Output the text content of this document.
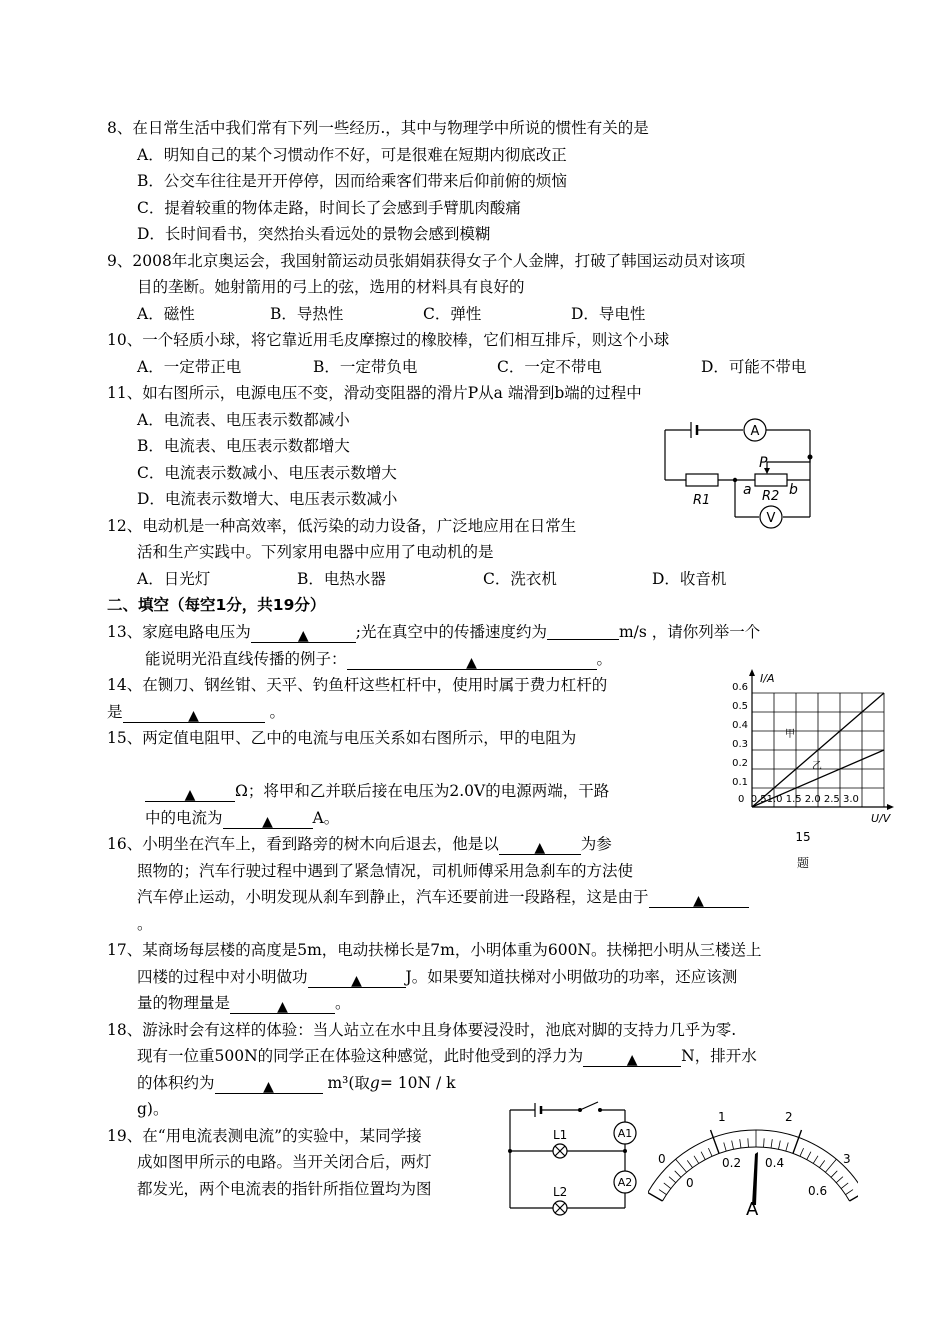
8、在日常生活中我们常有下列一些经历.，其中与物理学中所说的惯性有关的是
A．明知自己的某个习惯动作不好，可是很难在短期内彻底改正
B．公交车往往是开开停停，因而给乘客们带来后仰前俯的烦恼
C．提着较重的物体走路，时间长了会感到手臂肌肉酸痛
D．长时间看书，突然抬头看远处的景物会感到模糊
9、2008年北京奥运会，我国射箭运动员张娟娟获得女子个人金牌，打破了韩国运动员对该项
目的垄断。她射箭用的弓上的弦，选用的材料具有良好的
A．磁性	B．导热性	C．弹性	D．导电性
10、一个轻质小球，将它靠近用毛皮摩擦过的橡胶棒，它们相互排斥，则这个小球
A．一定带正电	B．一定带负电	C．一定不带电	D．可能不带电
11、如右图所示，电源电压不变，滑动变阻器的滑片P从a 端滑到b端的过程中
A．电流表、电压表示数都减小
B．电流表、电压表示数都增大
C．电流表示数减小、电压表示数增大
D．电流表示数增大、电压表示数减小
A
V
P
R1	R2
a	b
12、电动机是一种高效率，低污染的动力设备，广泛地应用在日常生
活和生产实践中。下列家用电器中应用了电动机的是
A．日光灯	B．电热水器	C．洗衣机	D．收音机
二、填空（每空1分，共19分）
13、家庭电路电压为	▲	;光在真空中的传播速度约为	m/s ，请你列举一个
能说明光沿直线传播的例子：	▲	。
14、在铡刀、钢丝钳、天平、钓鱼杆这些杠杆中，使用时属于费力杠杆的
是	▲	。
15、两定值电阻甲、乙中的电流与电压关系如右图所示，甲的电阻为
▲	Ω；将甲和乙并联后接在电压为2.0V的电源两端，干路
中的电流为	▲	A。
I/A
U/V
0.6
0.5
0.4
0.3
0.2
0.1
0  0.51.0 1.5 2.0 2.5 3.0
甲
乙
15
题
16、小明坐在汽车上，看到路旁的树木向后退去，他是以	▲ 为参
照物的；汽车行驶过程中遇到了紧急情况，司机师傅采用急刹车的方法使
汽车停止运动，小明发现从刹车到静止，汽车还要前进一段路程，这是由于	▲
。
17、某商场每层楼的高度是5m，电动扶梯长是7m，小明体重为600N。扶梯把小明从三楼送上
四楼的过程中对小明做功	▲	J。如果要知道扶梯对小明做功的功率，还应该测
量的物理量是	▲	。
18、游泳时会有这样的体验：当人站立在水中且身体要浸没时，池底对脚的支持力几乎为零.
现有一位重500N的同学正在体验这种感觉，此时他受到的浮力为	▲	N，排开水
的体积约为	▲	m³(取g= 10N / k
g)。
19、在“用电流表测电流”的实验中，某同学接
成如图甲所示的电路。当开关闭合后，两灯
都发光，两个电流表的指针所指位置均为图
L1
L2
A1
A2
0
1	2
3
0
0.2 0.4
0.6
A
